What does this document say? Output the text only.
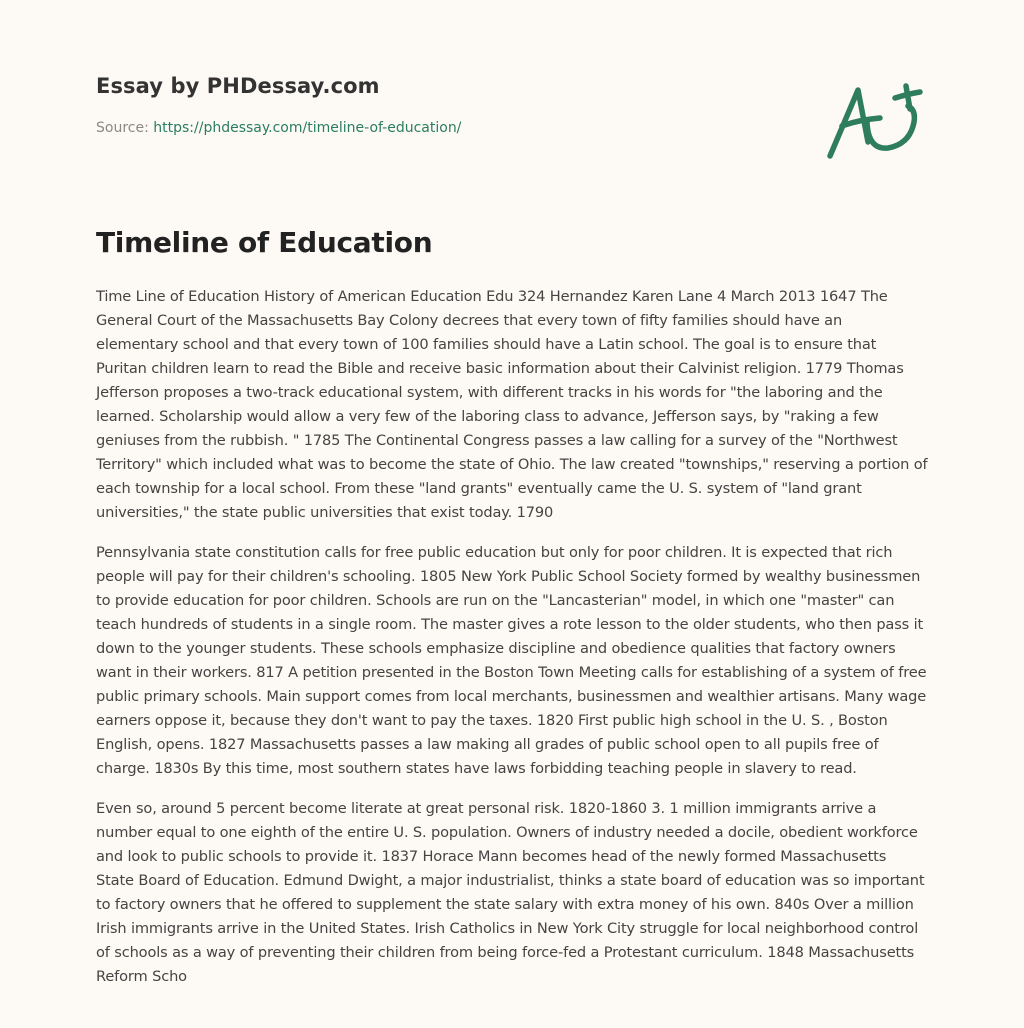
Essay by PHDessay.com
Source: https://phdessay.com/timeline-of-education/
Timeline of Education

Time Line of Education History of American Education Edu 324 Hernandez Karen Lane 4 March 2013 1647 The General Court of the Massachusetts Bay Colony decrees that every town of fifty families should have an elementary school and that every town of 100 families should have a Latin school. The goal is to ensure that Puritan children learn to read the Bible and receive basic information about their Calvinist religion. 1779 Thomas Jefferson proposes a two-track educational system, with different tracks in his words for "the laboring and the learned. Scholarship would allow a very few of the laboring class to advance, Jefferson says, by "raking a few geniuses from the rubbish. " 1785 The Continental Congress passes a law calling for a survey of the "Northwest Territory" which included what was to become the state of Ohio. The law created "townships," reserving a portion of each township for a local school. From these "land grants" eventually came the U. S. system of "land grant universities," the state public universities that exist today. 1790

Pennsylvania state constitution calls for free public education but only for poor children. It is expected that rich people will pay for their children's schooling. 1805 New York Public School Society formed by wealthy businessmen to provide education for poor children. Schools are run on the "Lancasterian" model, in which one "master" can teach hundreds of students in a single room. The master gives a rote lesson to the older students, who then pass it down to the younger students. These schools emphasize discipline and obedience qualities that factory owners want in their workers. 817 A petition presented in the Boston Town Meeting calls for establishing of a system of free public primary schools. Main support comes from local merchants, businessmen and wealthier artisans. Many wage earners oppose it, because they don't want to pay the taxes. 1820 First public high school in the U. S. , Boston English, opens. 1827 Massachusetts passes a law making all grades of public school open to all pupils free of charge. 1830s By this time, most southern states have laws forbidding teaching people in slavery to read.

Even so, around 5 percent become literate at great personal risk. 1820-1860 3. 1 million immigrants arrive a number equal to one eighth of the entire U. S. population. Owners of industry needed a docile, obedient workforce and look to public schools to provide it. 1837 Horace Mann becomes head of the newly formed Massachusetts State Board of Education. Edmund Dwight, a major industrialist, thinks a state board of education was so important to factory owners that he offered to supplement the state salary with extra money of his own. 840s Over a million Irish immigrants arrive in the United States. Irish Catholics in New York City struggle for local neighborhood control of schools as a way of preventing their children from being force-fed a Protestant curriculum. 1848 Massachusetts Reform Scho
